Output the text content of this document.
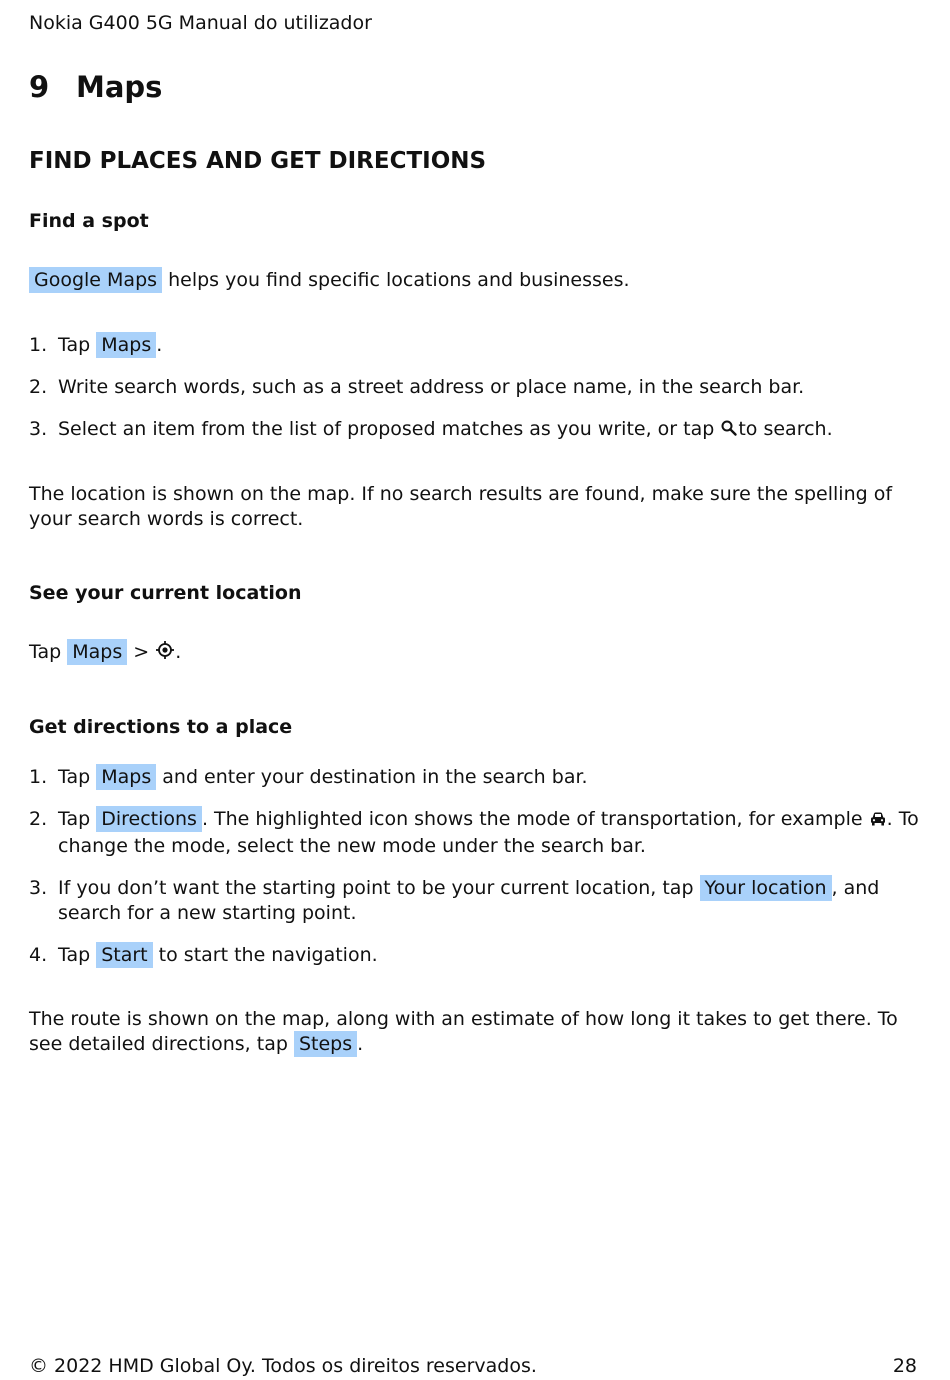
Nokia G400 5G Manual do utilizador
9 Maps
FIND PLACES AND GET DIRECTIONS
Find a spot
Google Maps helps you find specific locations and businesses.
1. Tap Maps .
2. Write search words, such as a street address or place name, in the search bar.
3. Select an item from the list of proposed matches as you write, or tap to search.
The location is shown on the map. If no search results are found, make sure the spelling of your search words is correct.
See your current location
Tap Maps > .
Get directions to a place
1. Tap Maps and enter your destination in the search bar.
2. Tap Directions . The highlighted icon shows the mode of transportation, for example . To change the mode, select the new mode under the search bar.
3. If you don’t want the starting point to be your current location, tap Your location , and search for a new starting point.
4. Tap Start to start the navigation.
The route is shown on the map, along with an estimate of how long it takes to get there. To see detailed directions, tap Steps .
© 2022 HMD Global Oy. Todos os direitos reservados.	28
